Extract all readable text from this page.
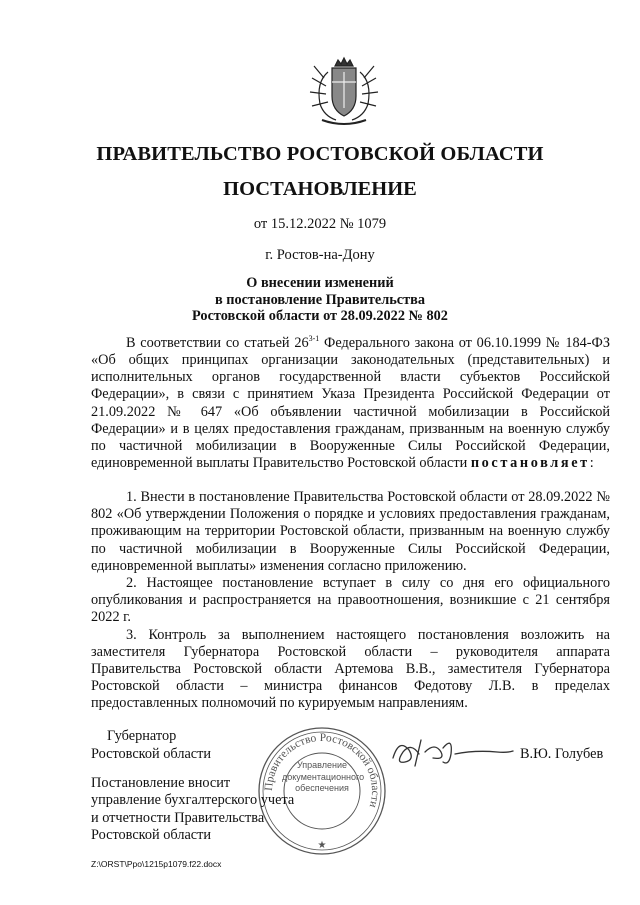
ПРАВИТЕЛЬСТВО РОСТОВСКОЙ ОБЛАСТИ
ПОСТАНОВЛЕНИЕ
от 15.12.2022 № 1079
г. Ростов-на-Дону
О внесении изменений
в постановление Правительства
Ростовской области от 28.09.2022 № 802

В соответствии со статьей 26$^{3-1}$ Федерального закона от 06.10.1999 № 184-ФЗ «Об общих принципах организации законодательных (представительных) и исполнительных органов государственной власти субъектов Российской Федерации», в связи с принятием Указа Президента Российской Федерации от 21.09.2022 № 647 «Об объявлении частичной мобилизации в Российской Федерации» и в целях предоставления гражданам, призванным на военную службу по частичной мобилизации в Вооруженные Силы Российской Федерации, единовременной выплаты Правительство Ростовской области постановляет:

1. Внести в постановление Правительства Ростовской области от 28.09.2022 № 802 «Об утверждении Положения о порядке и условиях предоставления гражданам, проживающим на территории Ростовской области, призванным на военную службу по частичной мобилизации в Вооруженные Силы Российской Федерации, единовременной выплаты» изменения согласно приложению.

2. Настоящее постановление вступает в силу со дня его официального опубликования и распространяется на правоотношения, возникшие с 21 сентября 2022 г.

3. Контроль за выполнением настоящего постановления возложить на заместителя Губернатора Ростовской области – руководителя аппарата Правительства Ростовской области Артемова В.В., заместителя Губернатора Ростовской области – министра финансов Федотову Л.В. в пределах предоставленных полномочий по курируемым направлениям.

Губернатор
Ростовской области	В.Ю. Голубев
Правительство Ростовской области
★
Управление
документационного
обеспечения
Постановление вносит
управление бухгалтерского учета
и отчетности Правительства
Ростовской области
Z:\ORST\Ppo\1215p1079.f22.docx
